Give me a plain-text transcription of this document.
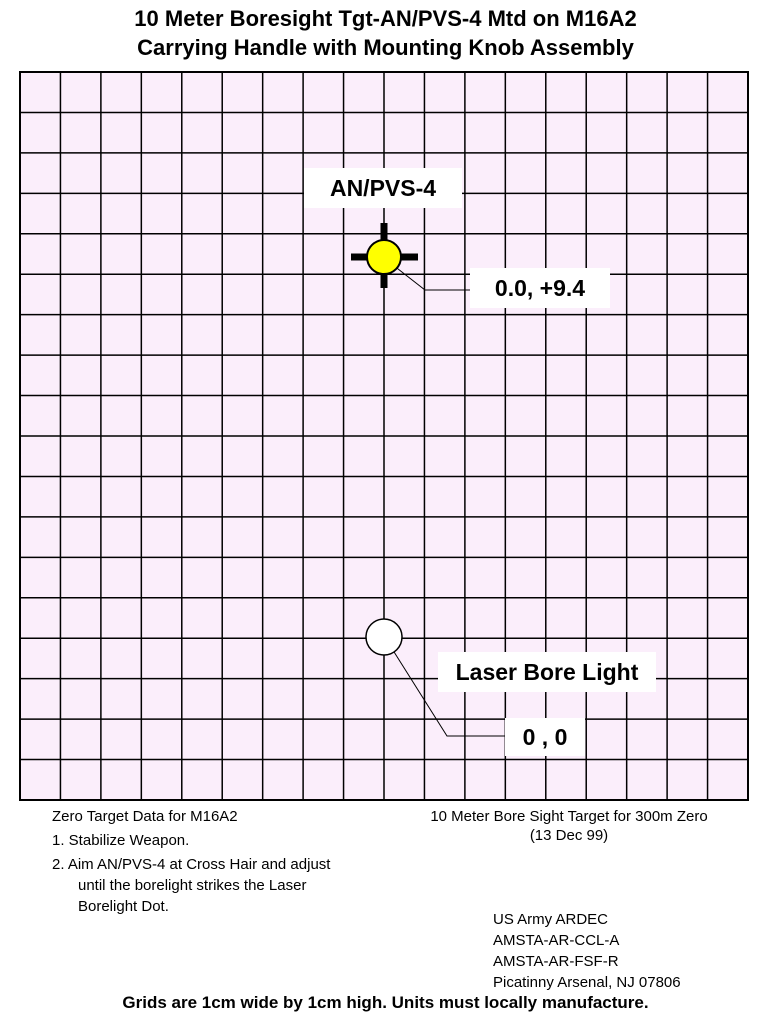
10 Meter Boresight Tgt-AN/PVS-4 Mtd on M16A2
Carrying Handle with Mounting Knob Assembly
AN/PVS-4
0.0, +9.4
Laser Bore Light
0 , 0
Zero Target Data for M16A2
1. Stabilize Weapon.
2. Aim AN/PVS-4 at Cross Hair and adjust
until the borelight strikes the Laser
Borelight Dot.
10 Meter Bore Sight Target for 300m Zero
(13 Dec 99)
US Army ARDEC
AMSTA-AR-CCL-A
AMSTA-AR-FSF-R
Picatinny Arsenal, NJ 07806
Grids are 1cm wide by 1cm high. Units must locally manufacture.
